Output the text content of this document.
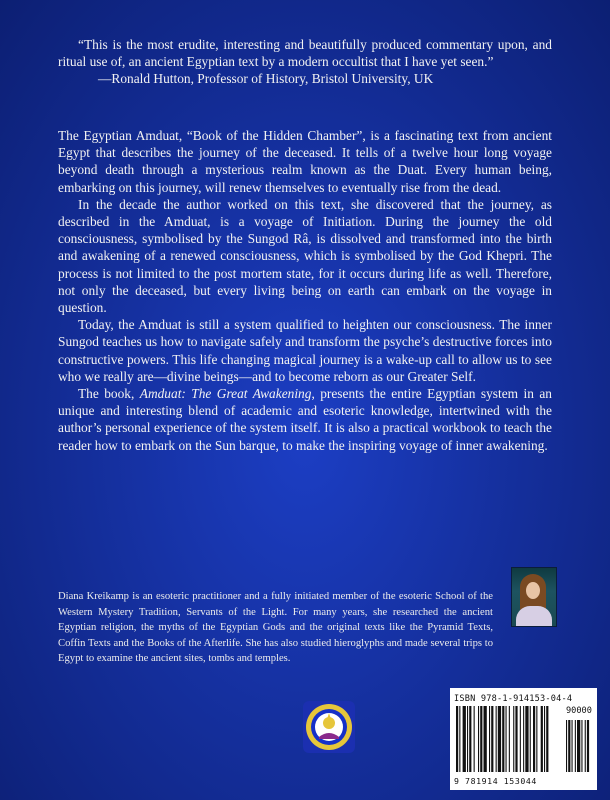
“This is the most erudite, interesting and beautifully produced commentary upon, and ritual use of, an ancient Egyptian text by a modern occultist that I have yet seen.”

—Ronald Hutton, Professor of History, Bristol University, UK

The Egyptian Amduat, “Book of the Hidden Chamber”, is a fascinating text from ancient Egypt that describes the journey of the deceased. It tells of a twelve hour long voyage beyond death through a mysterious realm known as the Duat. Every human being, embarking on this journey, will renew themselves to eventually rise from the dead.

In the decade the author worked on this text, she discovered that the journey, as described in the Amduat, is a voyage of Initiation. During the journey the old consciousness, symbolised by the Sungod Râ, is dissolved and transformed into the birth and awakening of a renewed consciousness, which is symbolised by the God Khepri. The process is not limited to the post mortem state, for it occurs during life as well. Therefore, not only the deceased, but every living being on earth can embark on the voyage in question.

Today, the Amduat is still a system qualified to heighten our consciousness. The inner Sungod teaches us how to navigate safely and transform the psyche’s destructive forces into constructive powers. This life changing magical journey is a wake-up call to allow us to see who we really are—divine beings—and to become reborn as our Greater Self.

The book, Amduat: The Great Awakening, presents the entire Egyptian system in an unique and interesting blend of academic and esoteric knowledge, intertwined with the author’s personal experience of the system itself. It is also a practical workbook to teach the reader how to embark on the Sun barque, to make the inspiring voyage of inner awakening.

Diana Kreikamp is an esoteric practitioner and a fully initiated member of the esoteric School of the Western Mystery Tradition, Servants of the Light. For many years, she researched the ancient Egyptian religion, the myths of the Egyptian Gods and the original texts like the Pyramid Texts, Coffin Texts and the Books of the Afterlife. She has also studied hieroglyphs and made several trips to Egypt to examine the ancient sites, tombs and temples.
ISBN 978-1-914153-04-4
90000
9 781914 153044
